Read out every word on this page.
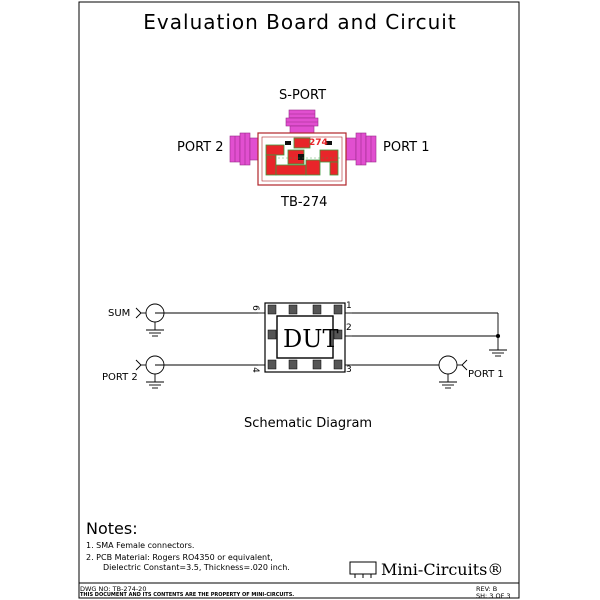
Evaluation Board and Circuit
S-PORT
PORT 2	PORT 1
274
TB-274
SUM
PORT 2	PORT 1
DUT
6	1
2
4	3
Schematic Diagram
Notes:
1. SMA Female connectors.
2. PCB Material: Rogers RO4350 or equivalent,
Dielectric Constant=3.5, Thickness=.020 inch.	Mini-Circuits®
DWG NO: TB-274-20
THIS DOCUMENT AND ITS CONTENTS ARE THE PROPERTY OF MINI-CIRCUITS.
REV: B
SH: 3 OF 3
